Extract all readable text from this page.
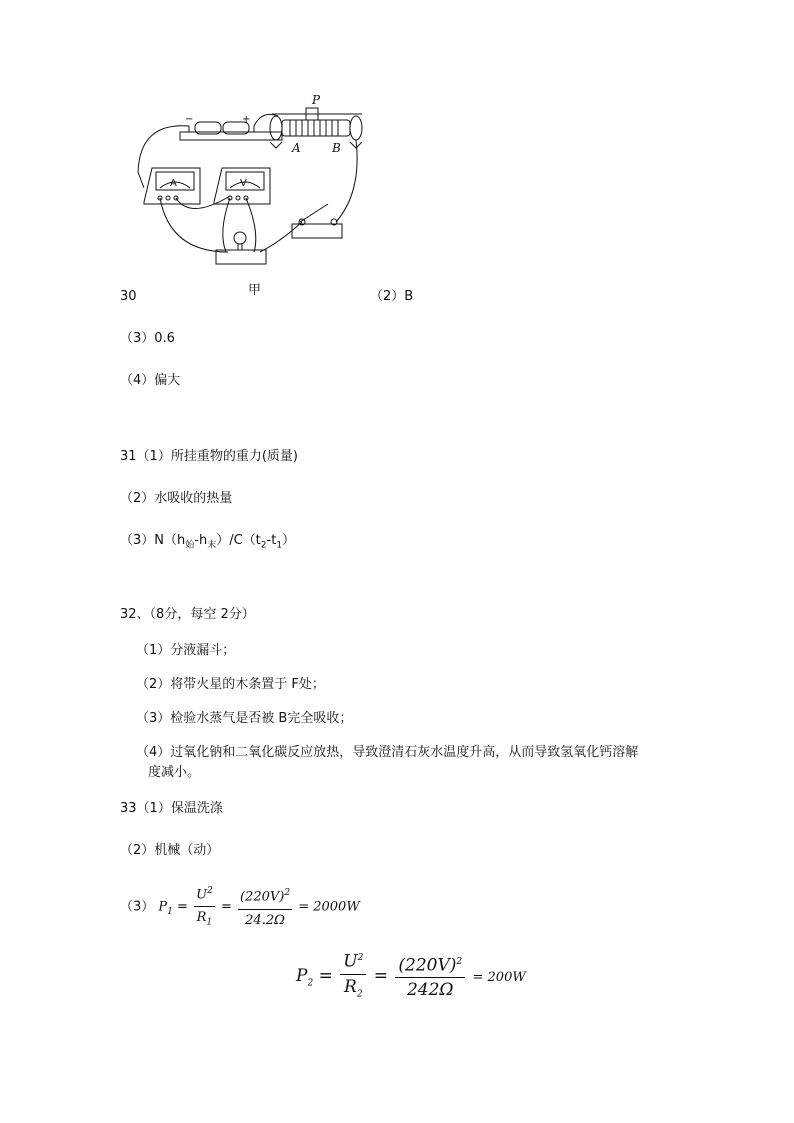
P
A	B
−	+
A	V
甲
30	（2）B
（3）0.6
（4）偏大
31（1）所挂重物的重力(质量)
（2）水吸收的热量
$(3)N(h_始-h_末)/C(t_2-t_1)$
32、（8分，每空 2分）
（1）分液漏斗；
（2）将带火星的木条置于 F处；
（3）检验水蒸气是否被 B完全吸收；
（4）过氧化钠和二氧化碳反应放热，导致澄清石灰水温度升高，从而导致氢氧化钙溶解
度减小。
33（1）保温洗涤
（2）机械（动）
（3） $P_1 = \frac{U^2}{R_1} = \frac{(220V)^2}{24.2\Omega} = 2000W$
$P_2 = \frac{U^2}{R_2} = \frac{(220V)^2}{242\Omega} = 200W$
